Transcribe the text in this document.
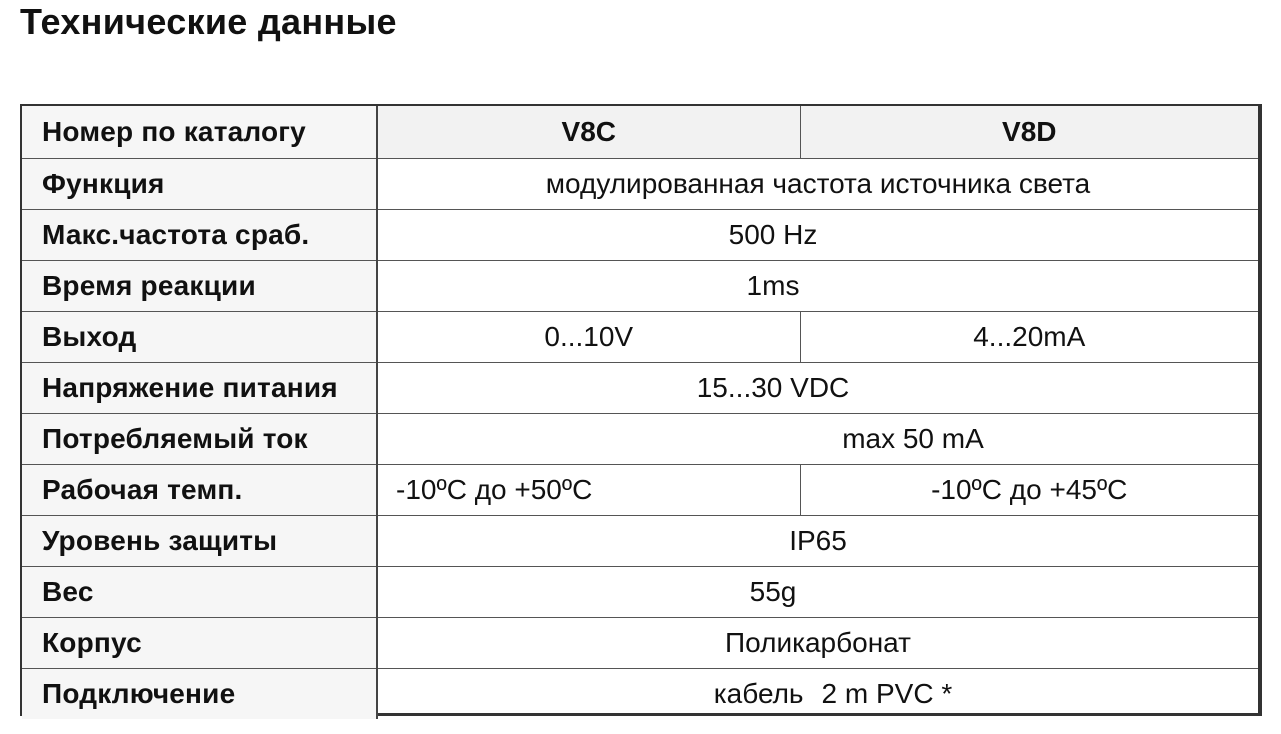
Технические данные
Номер по каталогу	V8C	V8D
Функция	модулированная частота источника света	
Макс.частота сраб.	500 Hz	
Время реакции	1ms	
Выход	0...10V	4...20mA
Напряжение питания	15...30 VDC	
Потребляемый ток	max 50 mA	
Рабочая темп.	-10ºC до +50ºC	-10ºC до +45ºC
Уровень защиты	IP65	
Вес	55g	
Корпус	Поликарбонат	
Подключение	кабель 2 m PVC *	
